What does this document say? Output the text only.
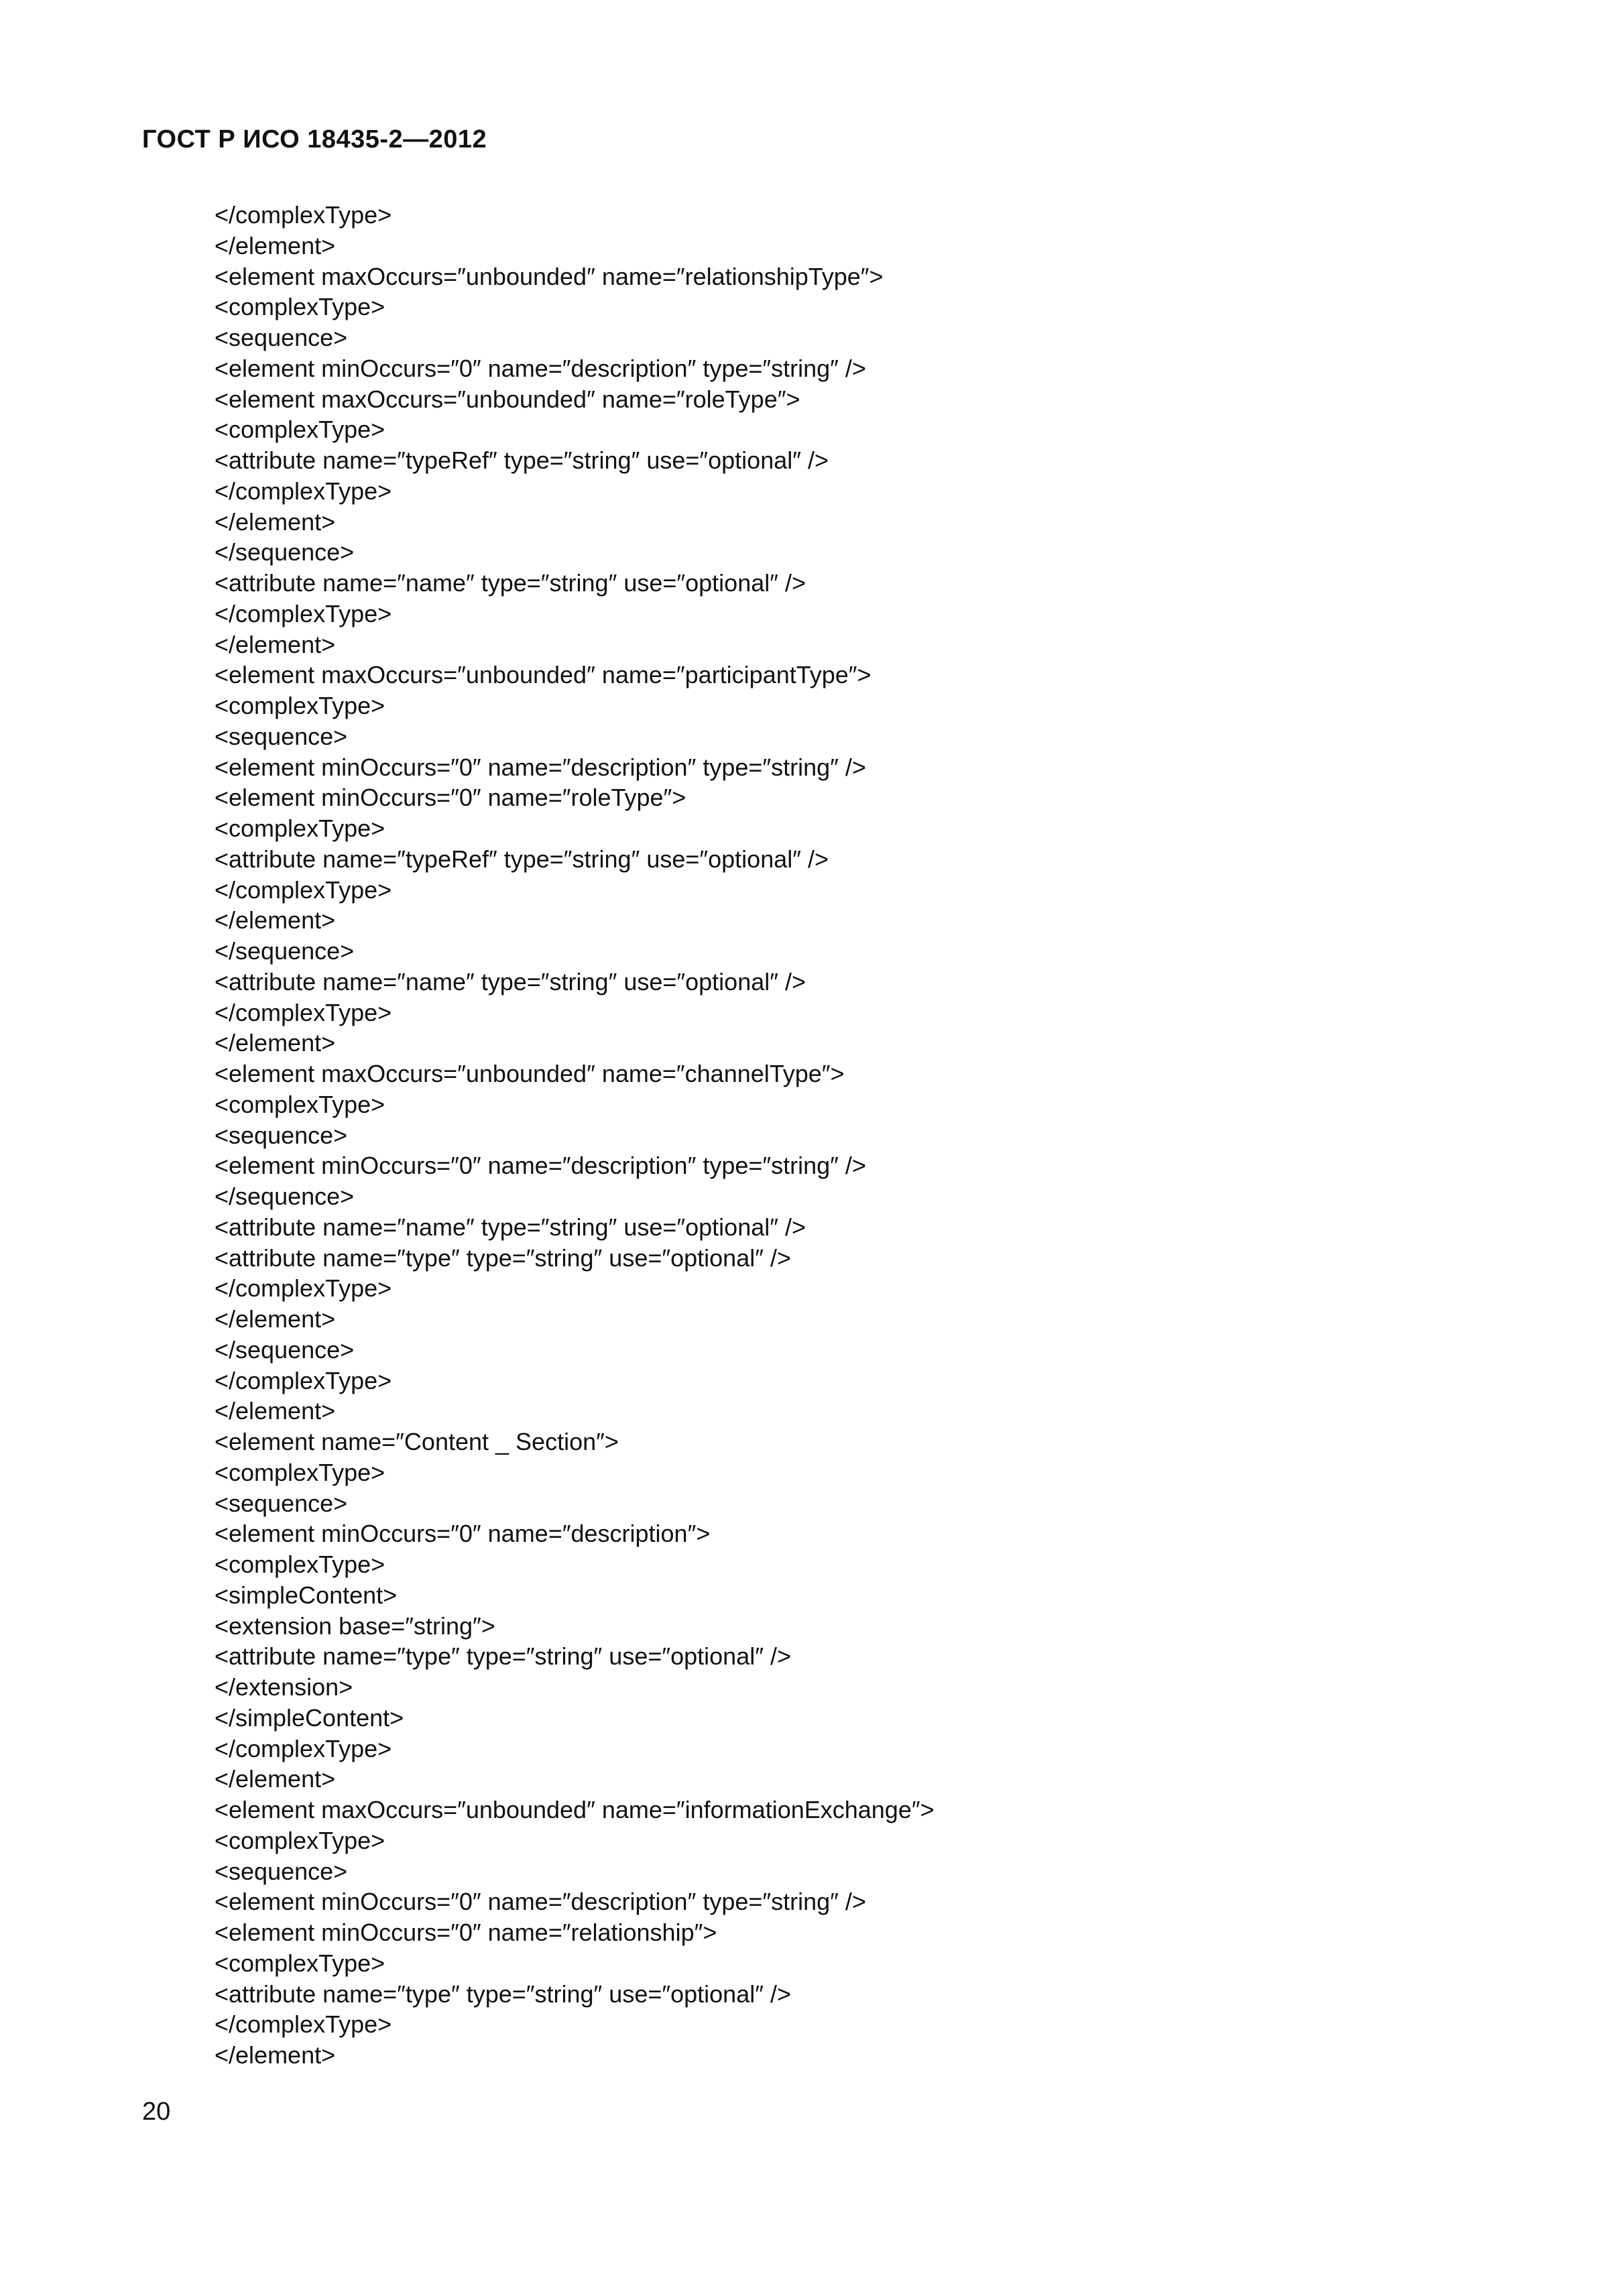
ГОСТ Р ИСО 18435-2—2012
</complexType>
</element>
<element maxOccurs=″unbounded″ name=″relationshipType″>
<complexType>
<sequence>
<element minOccurs=″0″ name=″description″ type=″string″ />
<element maxOccurs=″unbounded″ name=″roleType″>
<complexType>
<attribute name=″typeRef″ type=″string″ use=″optional″ />
</complexType>
</element>
</sequence>
<attribute name=″name″ type=″string″ use=″optional″ />
</complexType>
</element>
<element maxOccurs=″unbounded″ name=″participantType″>
<complexType>
<sequence>
<element minOccurs=″0″ name=″description″ type=″string″ />
<element minOccurs=″0″ name=″roleType″>
<complexType>
<attribute name=″typeRef″ type=″string″ use=″optional″ />
</complexType>
</element>
</sequence>
<attribute name=″name″ type=″string″ use=″optional″ />
</complexType>
</element>
<element maxOccurs=″unbounded″ name=″channelType″>
<complexType>
<sequence>
<element minOccurs=″0″ name=″description″ type=″string″ />
</sequence>
<attribute name=″name″ type=″string″ use=″optional″ />
<attribute name=″type″ type=″string″ use=″optional″ />
</complexType>
</element>
</sequence>
</complexType>
</element>
<element name=″Content _ Section″>
<complexType>
<sequence>
<element minOccurs=″0″ name=″description″>
<complexType>
<simpleContent>
<extension base=″string″>
<attribute name=″type″ type=″string″ use=″optional″ />
</extension>
</simpleContent>
</complexType>
</element>
<element maxOccurs=″unbounded″ name=″informationExchange″>
<complexType>
<sequence>
<element minOccurs=″0″ name=″description″ type=″string″ />
<element minOccurs=″0″ name=″relationship″>
<complexType>
<attribute name=″type″ type=″string″ use=″optional″ />
</complexType>
</element>

20
